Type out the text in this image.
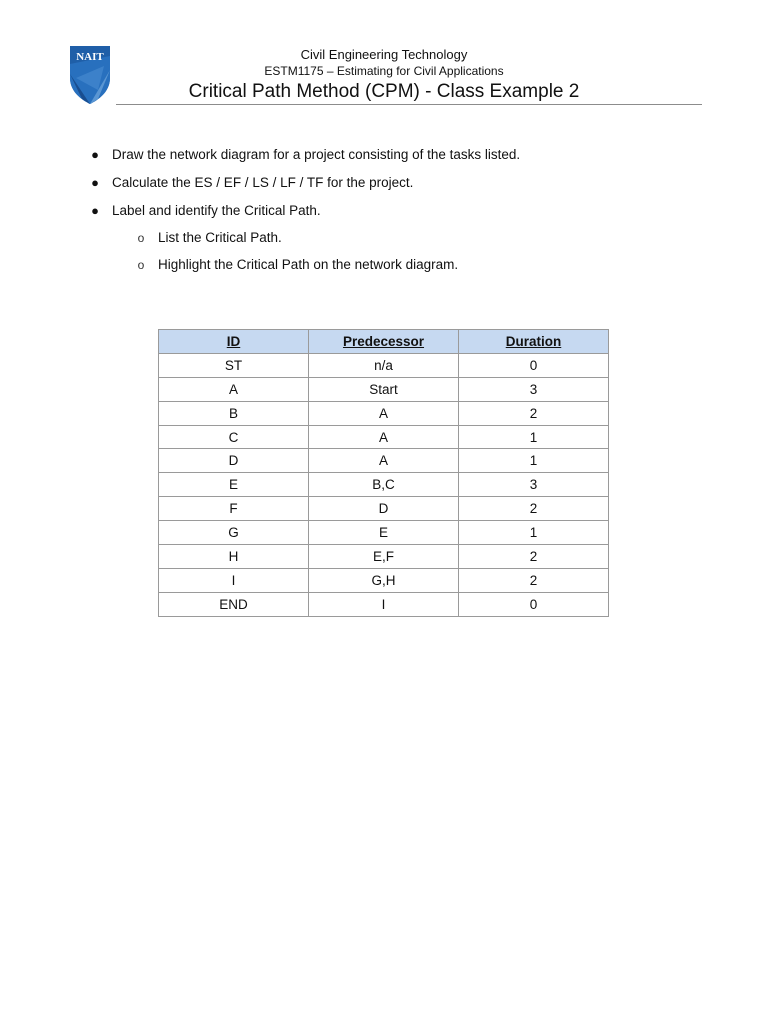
NAIT	Civil Engineering Technology
ESTM1175 – Estimating for Civil Applications
Critical Path Method (CPM) - Class Example 2
● Draw the network diagram for a project consisting of the tasks listed.
● Calculate the ES / EF / LS / LF / TF for the project.
● Label and identify the Critical Path.
o List the Critical Path.
o Highlight the Critical Path on the network diagram.
ID	Predecessor	Duration
ST	n/a	0
A	Start	3
B	A	2
C	A	1
D	A	1
E	B,C	3
F	D	2
G	E	1
H	E,F	2
I	G,H	2
END	I	0
